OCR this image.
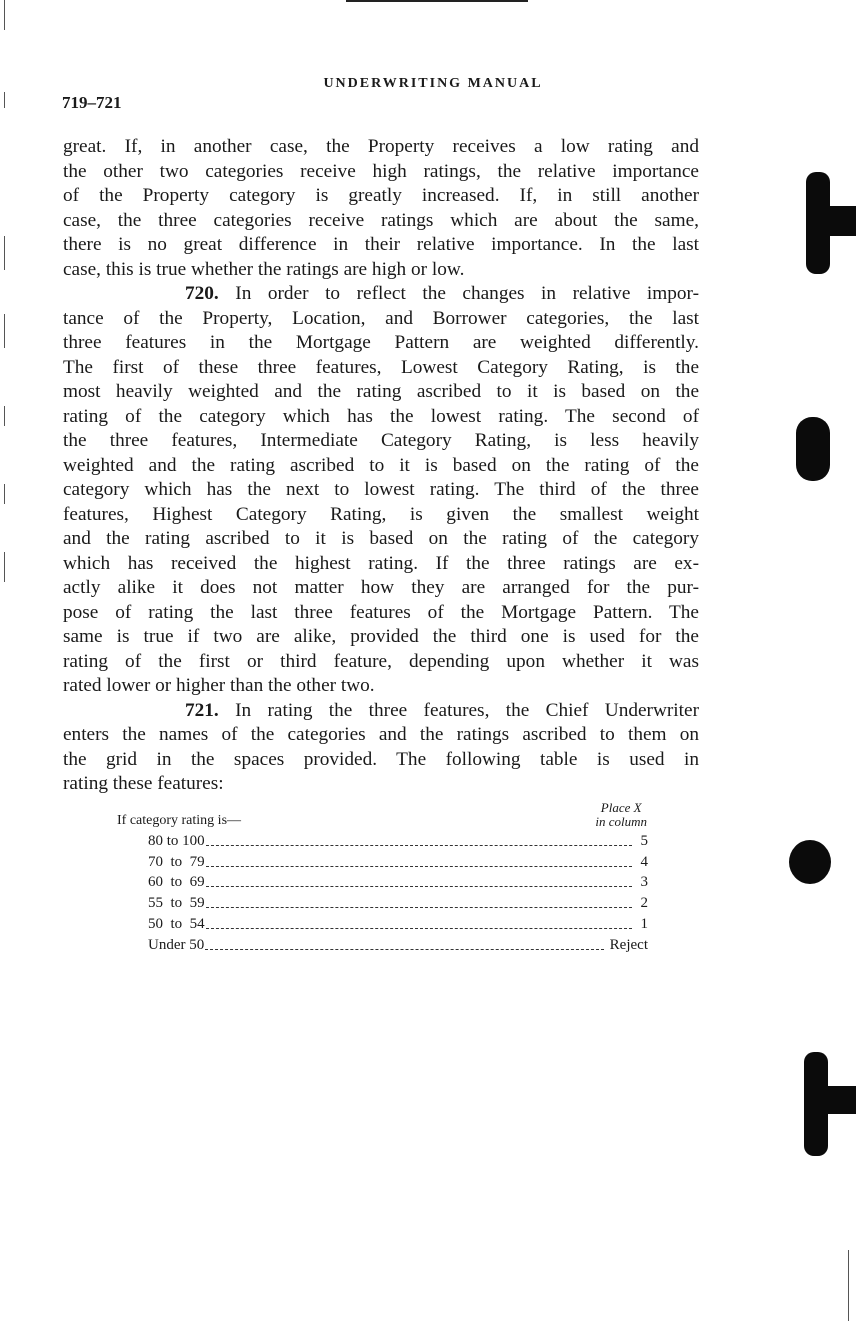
UNDERWRITING MANUAL
719–721

great. If, in another case, the Property receives a low rating and

the other two categories receive high ratings, the relative importance

of the Property category is greatly increased. If, in still another

case, the three categories receive ratings which are about the same,

there is no great difference in their relative importance. In the last

case, this is true whether the ratings are high or low.

720. In order to reflect the changes in relative impor-

tance of the Property, Location, and Borrower categories, the last

three features in the Mortgage Pattern are weighted differently.

The first of these three features, Lowest Category Rating, is the

most heavily weighted and the rating ascribed to it is based on the

rating of the category which has the lowest rating. The second of

the three features, Intermediate Category Rating, is less heavily

weighted and the rating ascribed to it is based on the rating of the

category which has the next to lowest rating. The third of the three

features, Highest Category Rating, is given the smallest weight

and the rating ascribed to it is based on the rating of the category

which has received the highest rating. If the three ratings are ex-

actly alike it does not matter how they are arranged for the pur-

pose of rating the last three features of the Mortgage Pattern. The

same is true if two are alike, provided the third one is used for the

rating of the first or third feature, depending upon whether it was

rated lower or higher than the other two.

721. In rating the three features, the Chief Underwriter

enters the names of the categories and the ratings ascribed to them on

the grid in the spaces provided. The following table is used in

rating these features:

If category rating is—
Place X
in column
80 to 100	5
70  to  79	4
60  to  69	3
55  to  59	2
50  to  54	1
Under 50	Reject
